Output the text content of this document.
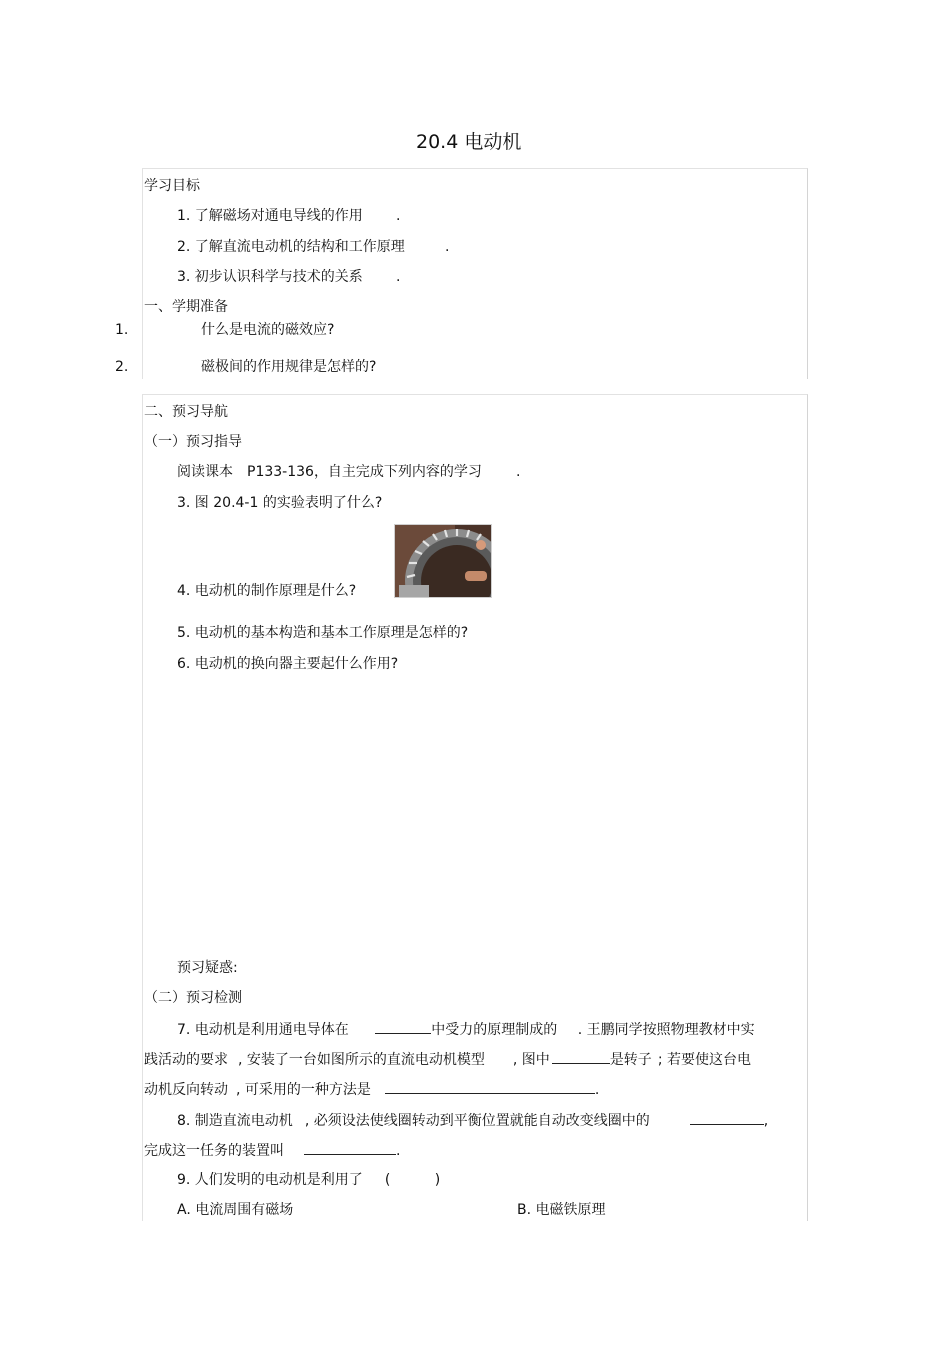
20.4 电动机
学习目标
1. 了解磁场对通电导线的作用 .
2. 了解直流电动机的结构和工作原理	.
3. 初步认识科学与技术的关系 .
一、学期准备
1.	什么是电流的磁效应?
2.	磁极间的作用规律是怎样的?
二、预习导航
（一）预习指导
阅读课本 P133-136，自主完成下列内容的学习 .
3. 图 20.4-1 的实验表明了什么?
4. 电动机的制作原理是什么?
5. 电动机的基本构造和基本工作原理是怎样的?
6. 电动机的换向器主要起什么作用?
预习疑惑:
（二）预习检测
7. 电动机是利用通电导体在	中受力的原理制成的 . 王鹏同学按照物理教材中实
践活动的要求 , 安装了一台如图所示的直流电动机模型 , 图中	是转子 ; 若要使这台电
动机反向转动 , 可采用的一种方法是	.
8. 制造直流电动机 , 必须设法使线圈转动到平衡位置就能自动改变线圈中的	,
完成这一任务的装置叫	.
9. 人们发明的电动机是利用了 (          )
A. 电流周围有磁场	B. 电磁铁原理
